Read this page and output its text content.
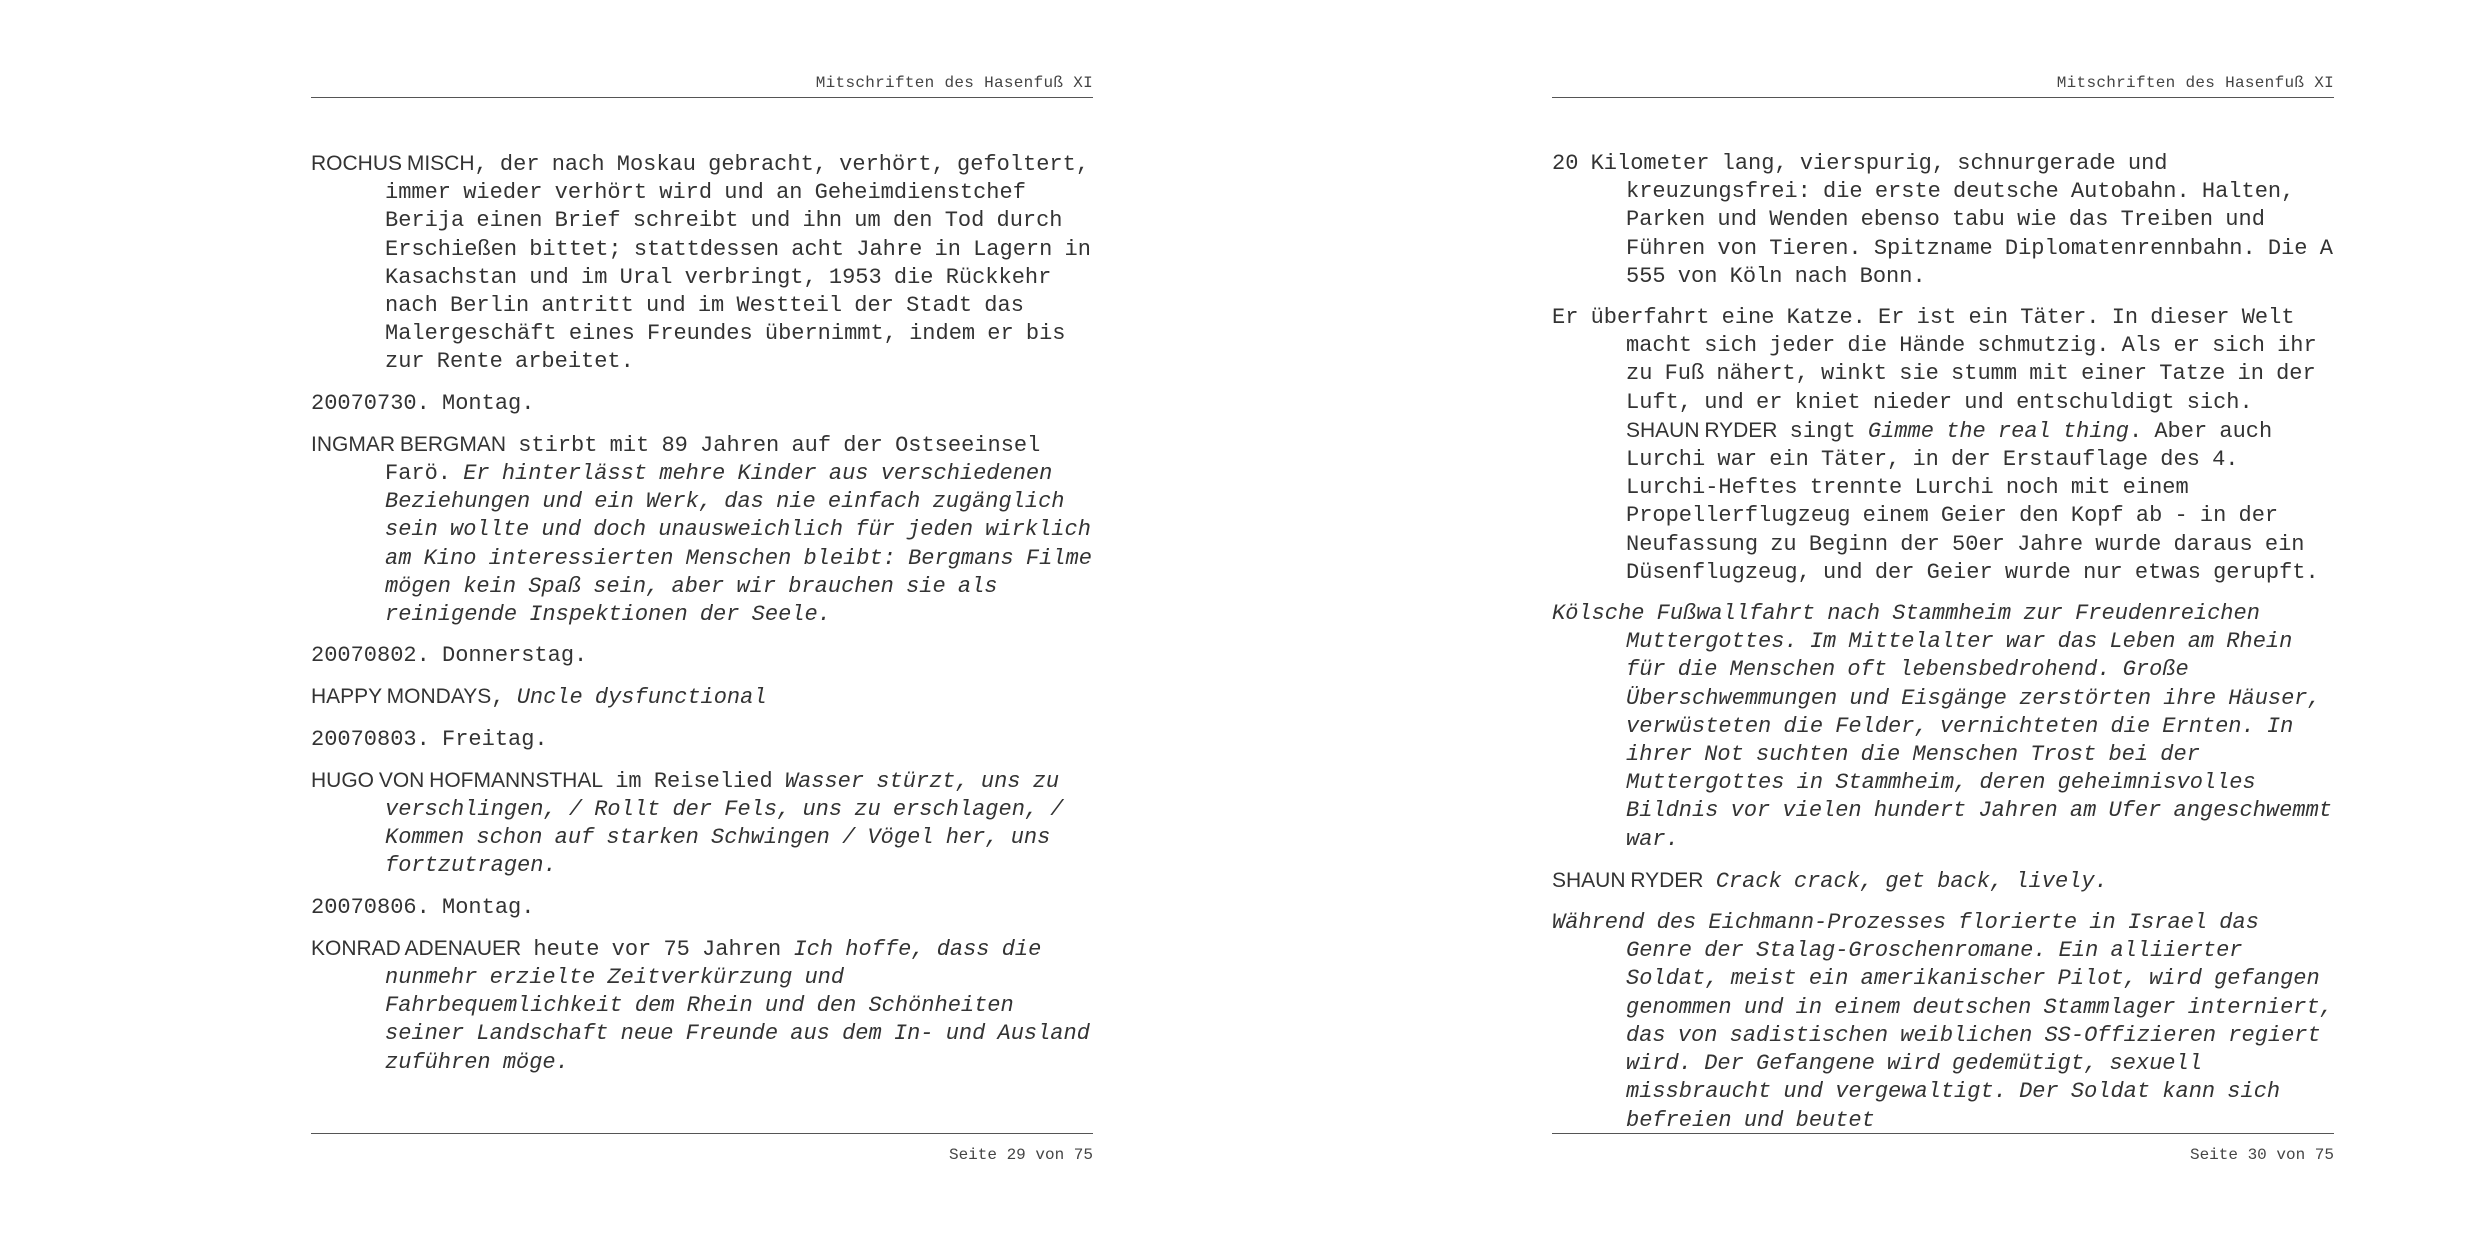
Mitschriften des Hasenfuß XI

ROCHUS MISCH, der nach Moskau gebracht, verhört, gefoltert, immer wieder verhört wird und an Geheimdienstchef Berija einen Brief schreibt und ihn um den Tod durch Erschießen bittet; stattdessen acht Jahre in Lagern in Kasachstan und im Ural verbringt, 1953 die Rückkehr nach Berlin antritt und im Westteil der Stadt das Malergeschäft eines Freundes übernimmt, indem er bis zur Rente arbeitet.

20070730. Montag.

INGMAR BERGMAN stirbt mit 89 Jahren auf der Ostseeinsel Farö. Er hinterlässt mehre Kinder aus verschiedenen Beziehungen und ein Werk, das nie einfach zugänglich sein wollte und doch unausweichlich für jeden wirklich am Kino interessierten Menschen bleibt: Bergmans Filme mögen kein Spaß sein, aber wir brauchen sie als reinigende Inspektionen der Seele.

20070802. Donnerstag.

HAPPY MONDAYS, Uncle dysfunctional

20070803. Freitag.

HUGO VON HOFMANNSTHAL im Reiselied Wasser stürzt, uns zu verschlingen, / Rollt der Fels, uns zu erschlagen, / Kommen schon auf starken Schwingen / Vögel her, uns fortzutragen.

20070806. Montag.

KONRAD ADENAUER heute vor 75 Jahren Ich hoffe, dass die nunmehr erzielte Zeitverkürzung und Fahrbequemlichkeit dem Rhein und den Schönheiten seiner Landschaft neue Freunde aus dem In- und Ausland zuführen möge.

Seite 29 von 75
Mitschriften des Hasenfuß XI

20 Kilometer lang, vierspurig, schnurgerade und kreuzungsfrei: die erste deutsche Autobahn. Halten, Parken und Wenden ebenso tabu wie das Treiben und Führen von Tieren. Spitzname Diplomatenrennbahn. Die A 555 von Köln nach Bonn.

Er überfahrt eine Katze. Er ist ein Täter. In dieser Welt macht sich jeder die Hände schmutzig. Als er sich ihr zu Fuß nähert, winkt sie stumm mit einer Tatze in der Luft, und er kniet nieder und entschuldigt sich. SHAUN RYDER singt Gimme the real thing. Aber auch Lurchi war ein Täter, in der Erstauflage des 4. Lurchi-Heftes trennte Lurchi noch mit einem Propellerflugzeug einem Geier den Kopf ab - in der Neufassung zu Beginn der 50er Jahre wurde daraus ein Düsenflugzeug, und der Geier wurde nur etwas gerupft.

Kölsche Fußwallfahrt nach Stammheim zur Freudenreichen Muttergottes. Im Mittelalter war das Leben am Rhein für die Menschen oft lebensbedrohend. Große Überschwemmungen und Eisgänge zerstörten ihre Häuser, verwüsteten die Felder, vernichteten die Ernten. In ihrer Not suchten die Menschen Trost bei der Muttergottes in Stammheim, deren geheimnisvolles Bildnis vor vielen hundert Jahren am Ufer angeschwemmt war.

SHAUN RYDER Crack crack, get back, lively.

Während des Eichmann-Prozesses florierte in Israel das Genre der Stalag-Groschenromane. Ein alliierter Soldat, meist ein amerikanischer Pilot, wird gefangen genommen und in einem deutschen Stammlager interniert, das von sadistischen weiblichen SS-Offizieren regiert wird. Der Gefangene wird gedemütigt, sexuell missbraucht und vergewaltigt. Der Soldat kann sich befreien und beutet

Seite 30 von 75
